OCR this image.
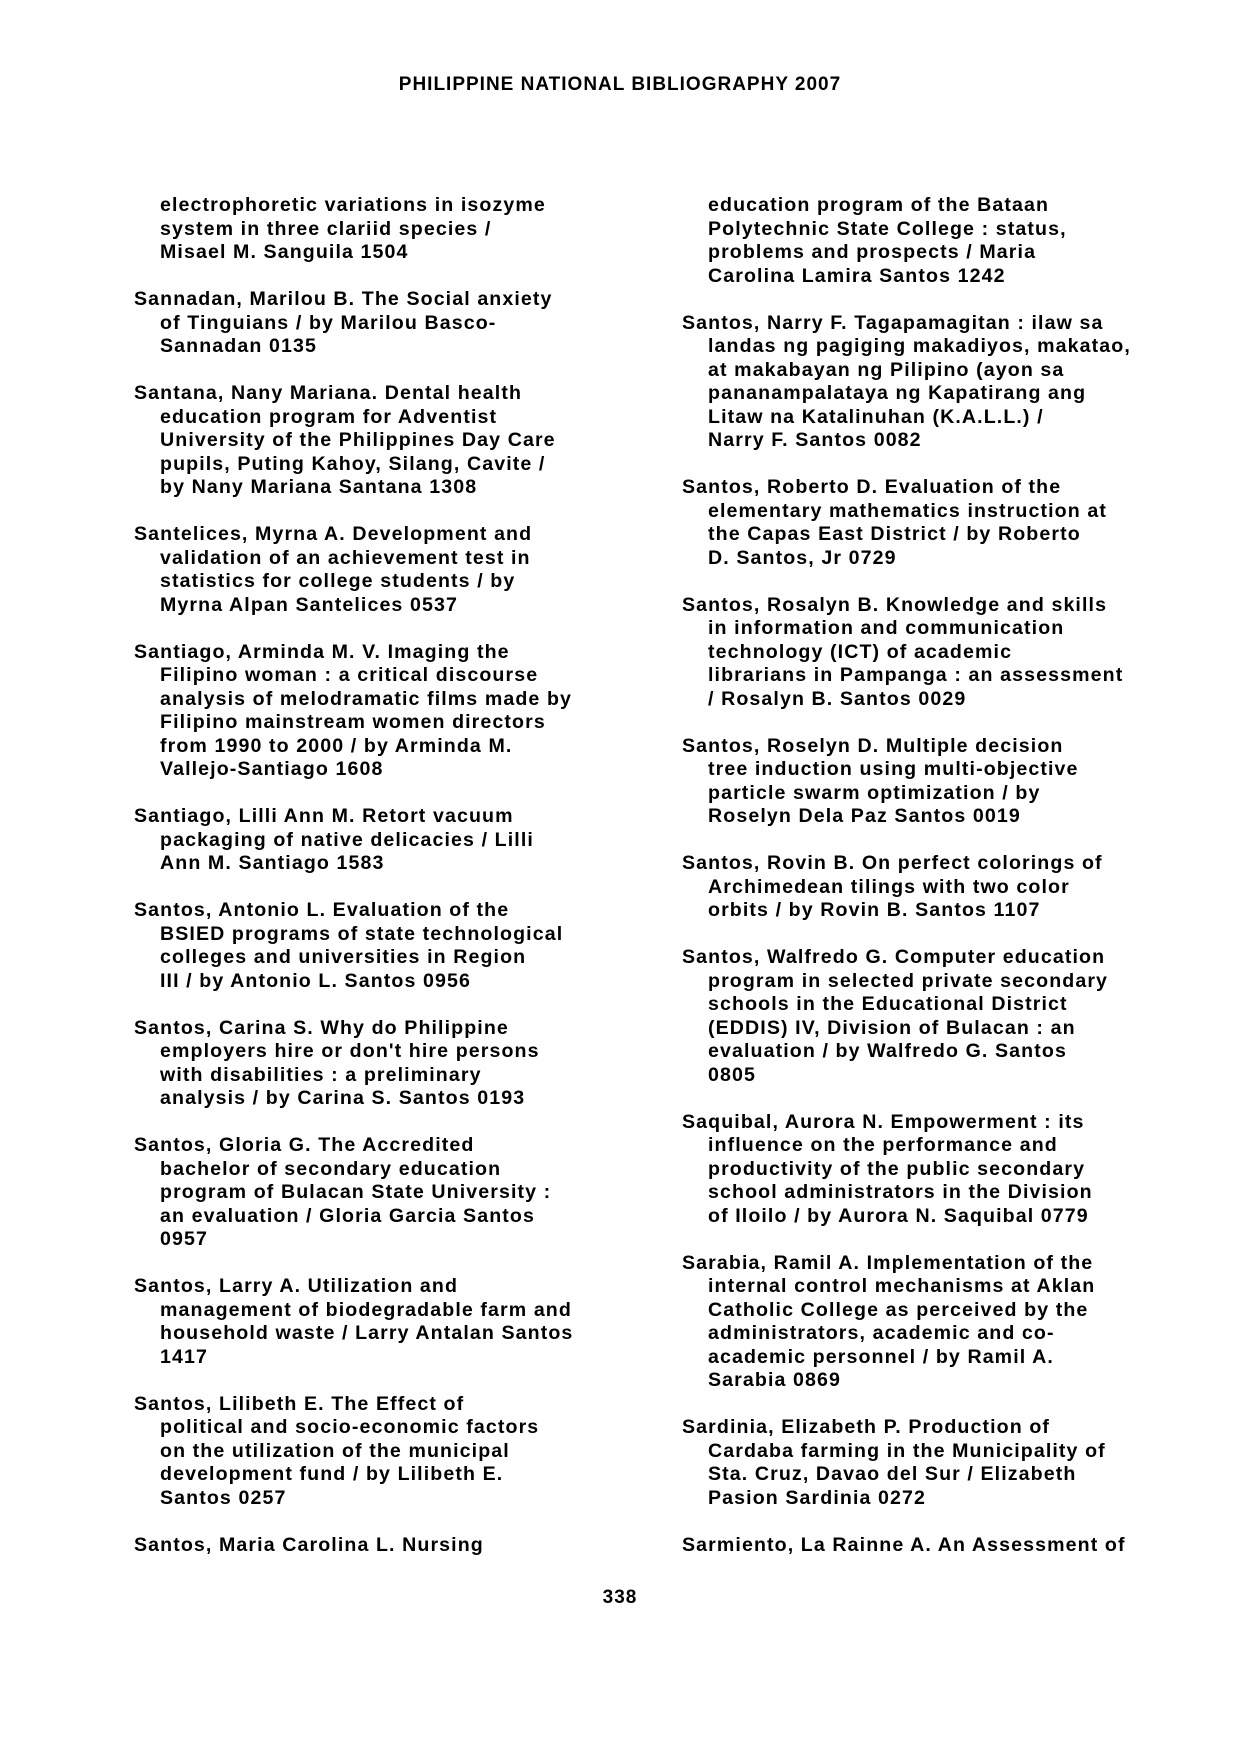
PHILIPPINE NATIONAL BIBLIOGRAPHY 2007
electrophoretic variations in isozyme
system in three clariid species /
Misael M. Sanguila 1504
Sannadan, Marilou B. The Social anxiety
of Tinguians / by Marilou Basco-
Sannadan 0135
Santana, Nany Mariana. Dental health
education program for Adventist
University of the Philippines Day Care
pupils, Puting Kahoy, Silang, Cavite /
by Nany Mariana Santana 1308
Santelices, Myrna A. Development and
validation of an achievement test in
statistics for college students / by
Myrna Alpan Santelices 0537
Santiago, Arminda M. V. Imaging the
Filipino woman : a critical discourse
analysis of melodramatic films made by
Filipino mainstream women directors
from 1990 to 2000 / by Arminda M.
Vallejo-Santiago 1608
Santiago, Lilli Ann M. Retort vacuum
packaging of native delicacies / Lilli
Ann M. Santiago 1583
Santos, Antonio L. Evaluation of the
BSIED programs of state technological
colleges and universities in Region
III / by Antonio L. Santos 0956
Santos, Carina S. Why do Philippine
employers hire or don't hire persons
with disabilities : a preliminary
analysis / by Carina S. Santos 0193
Santos, Gloria G. The Accredited
bachelor of secondary education
program of Bulacan State University :
an evaluation / Gloria Garcia Santos
0957
Santos, Larry A. Utilization and
management of biodegradable farm and
household waste / Larry Antalan Santos
1417
Santos, Lilibeth E. The Effect of
political and socio-economic factors
on the utilization of the municipal
development fund / by Lilibeth E.
Santos 0257
Santos, Maria Carolina L. Nursing
education program of the Bataan
Polytechnic State College : status,
problems and prospects / Maria
Carolina Lamira Santos 1242
Santos, Narry F. Tagapamagitan : ilaw sa
landas ng pagiging makadiyos, makatao,
at makabayan ng Pilipino (ayon sa
pananampalataya ng Kapatirang ang
Litaw na Katalinuhan (K.A.L.L.) /
Narry F. Santos 0082
Santos, Roberto D. Evaluation of the
elementary mathematics instruction at
the Capas East District / by Roberto
D. Santos, Jr 0729
Santos, Rosalyn B. Knowledge and skills
in information and communication
technology (ICT) of academic
librarians in Pampanga : an assessment
/ Rosalyn B. Santos 0029
Santos, Roselyn D. Multiple decision
tree induction using multi-objective
particle swarm optimization / by
Roselyn Dela Paz Santos 0019
Santos, Rovin B. On perfect colorings of
Archimedean tilings with two color
orbits / by Rovin B. Santos 1107
Santos, Walfredo G. Computer education
program in selected private secondary
schools in the Educational District
(EDDIS) IV, Division of Bulacan : an
evaluation / by Walfredo G. Santos
0805
Saquibal, Aurora N. Empowerment : its
influence on the performance and
productivity of the public secondary
school administrators in the Division
of Iloilo / by Aurora N. Saquibal 0779
Sarabia, Ramil A. Implementation of the
internal control mechanisms at Aklan
Catholic College as perceived by the
administrators, academic and co-
academic personnel / by Ramil A.
Sarabia 0869
Sardinia, Elizabeth P. Production of
Cardaba farming in the Municipality of
Sta. Cruz, Davao del Sur / Elizabeth
Pasion Sardinia 0272
Sarmiento, La Rainne A. An Assessment of
338
